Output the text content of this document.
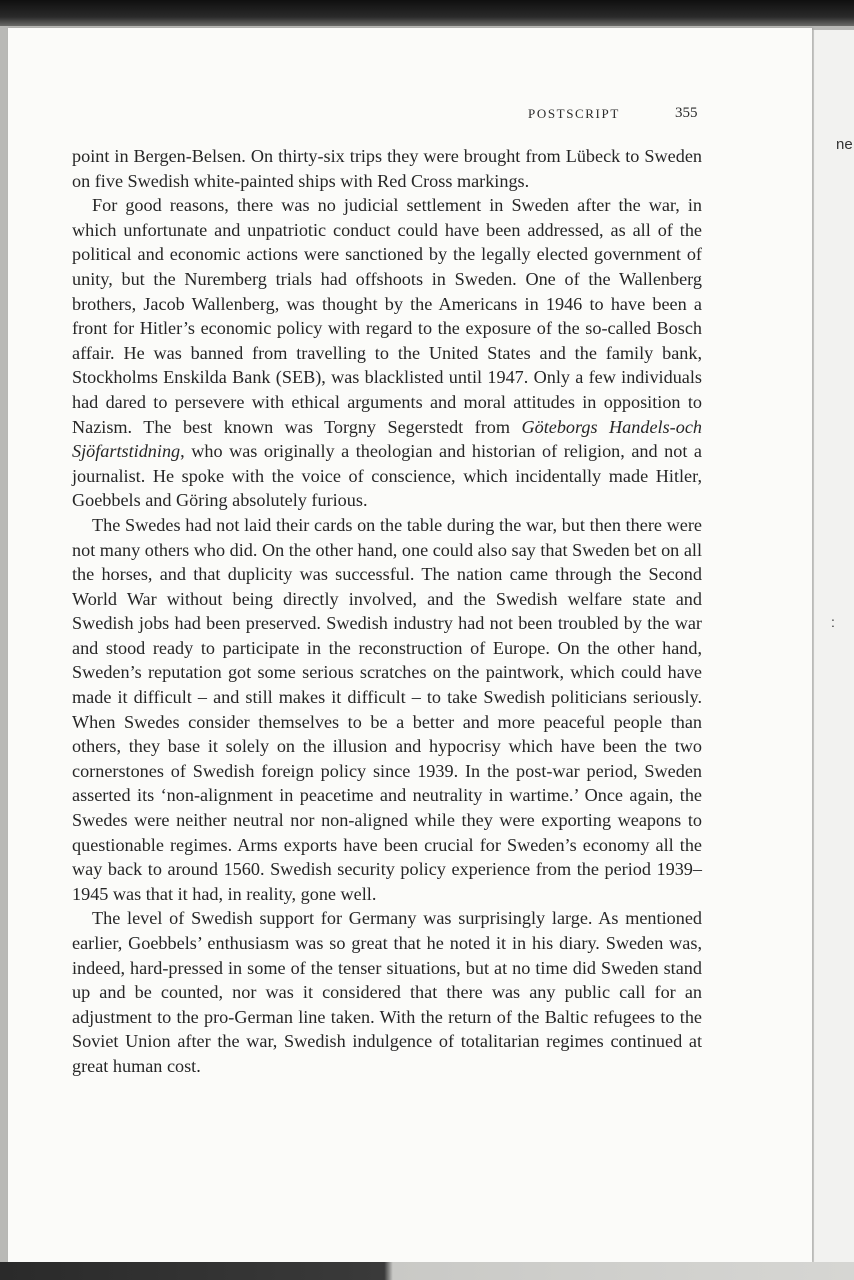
ne
:
POSTSCRIPT	355

point in Bergen-Belsen. On thirty-six trips they were brought from Lübeck to Sweden on five Swedish white-painted ships with Red Cross markings.

For good reasons, there was no judicial settlement in Sweden after the war, in which unfortunate and unpatriotic conduct could have been addressed, as all of the political and economic actions were sanctioned by the legally elected government of unity, but the Nuremberg trials had offshoots in Sweden. One of the Wallenberg brothers, Jacob Wallenberg, was thought by the Americans in 1946 to have been a front for Hitler’s economic policy with regard to the exposure of the so-called Bosch affair. He was banned from travelling to the United States and the family bank, Stockholms Enskilda Bank (SEB), was blacklisted until 1947. Only a few individuals had dared to persevere with ethical arguments and moral attitudes in opposition to Nazism. The best known was Torgny Segerstedt from Göteborgs Handels-och Sjöfartstidning, who was originally a theologian and historian of religion, and not a journalist. He spoke with the voice of conscience, which incidentally made Hitler, Goebbels and Göring absolutely furious.

The Swedes had not laid their cards on the table during the war, but then there were not many others who did. On the other hand, one could also say that Sweden bet on all the horses, and that duplicity was successful. The nation came through the Second World War without being directly involved, and the Swedish welfare state and Swedish jobs had been preserved. Swedish industry had not been troubled by the war and stood ready to participate in the reconstruction of Europe. On the other hand, Sweden’s reputation got some serious scratches on the paintwork, which could have made it difficult – and still makes it difficult – to take Swedish politicians seriously. When Swedes consider themselves to be a better and more peaceful people than others, they base it solely on the illusion and hypocrisy which have been the two cornerstones of Swedish foreign policy since 1939. In the post-war period, Sweden asserted its ‘non-alignment in peacetime and neutrality in wartime.’ Once again, the Swedes were neither neutral nor non-aligned while they were exporting weapons to questionable regimes. Arms exports have been crucial for Sweden’s economy all the way back to around 1560. Swedish security policy experience from the period 1939–1945 was that it had, in reality, gone well.

The level of Swedish support for Germany was surprisingly large. As mentioned earlier, Goebbels’ enthusiasm was so great that he noted it in his diary. Sweden was, indeed, hard-pressed in some of the tenser situations, but at no time did Sweden stand up and be counted, nor was it considered that there was any public call for an adjustment to the pro-German line taken. With the return of the Baltic refugees to the Soviet Union after the war, Swedish indulgence of totalitarian regimes continued at great human cost.
